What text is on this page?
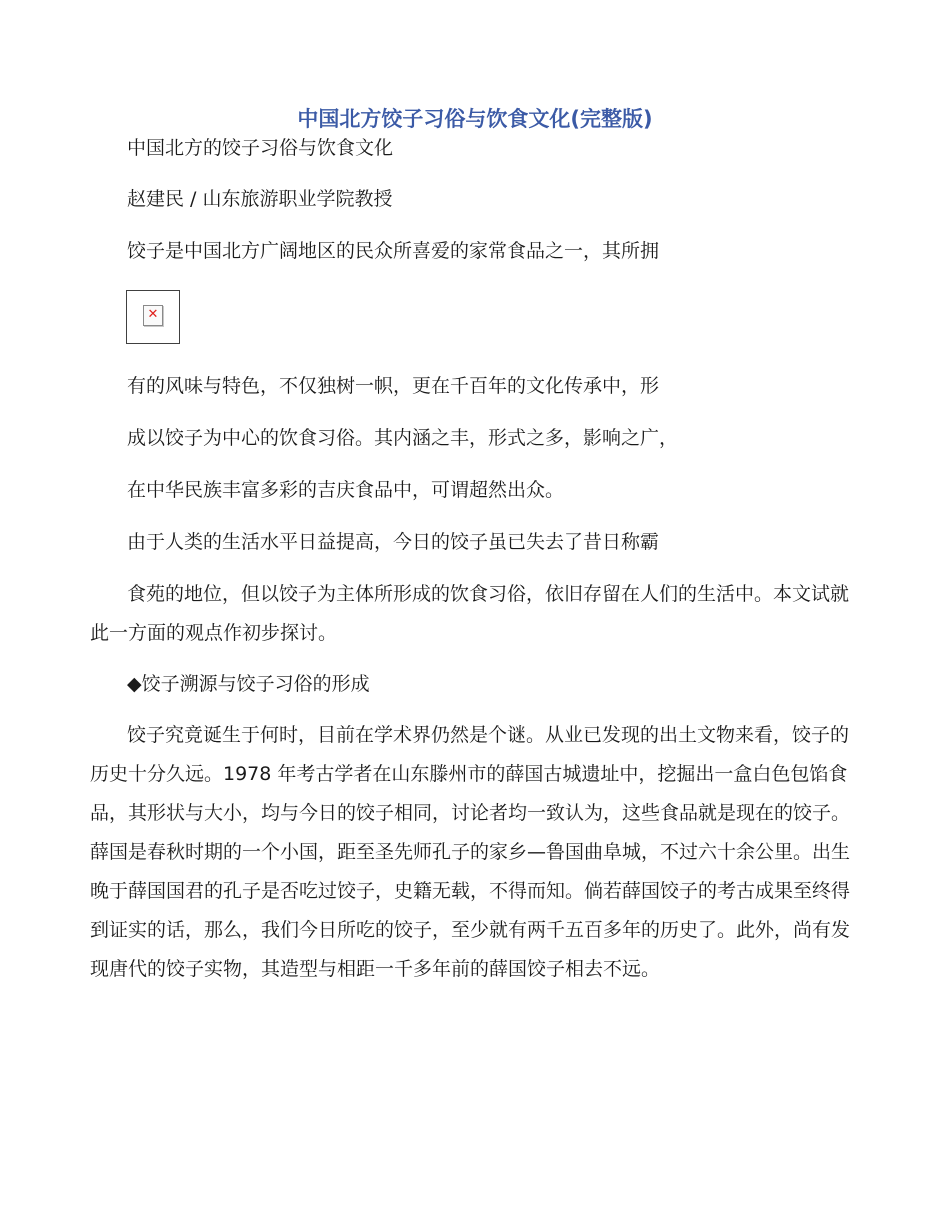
中国北方饺子习俗与饮食文化(完整版)
中国北方的饺子习俗与饮食文化
赵建民 / 山东旅游职业学院教授
饺子是中国北方广阔地区的民众所喜爱的家常食品之一，其所拥
✕
有的风味与特色，不仅独树一帜，更在千百年的文化传承中，形
成以饺子为中心的饮食习俗。其内涵之丰，形式之多，影响之广，
在中华民族丰富多彩的吉庆食品中，可谓超然出众。
由于人类的生活水平日益提高，今日的饺子虽已失去了昔日称霸

食苑的地位，但以饺子为主体所形成的饮食习俗，依旧存留在人们的生活中。本文试就此一方面的观点作初步探讨。

◆饺子溯源与饺子习俗的形成

饺子究竟诞生于何时，目前在学术界仍然是个谜。从业已发现的出土文物来看，饺子的历史十分久远。1978 年考古学者在山东滕州市的薛国古城遗址中，挖掘出一盒白色包馅食品，其形状与大小，均与今日的饺子相同，讨论者均一致认为，这些食品就是现在的饺子。薛国是春秋时期的一个小国，距至圣先师孔子的家乡—鲁国曲阜城，不过六十余公里。出生晚于薛国国君的孔子是否吃过饺子，史籍无载，不得而知。倘若薛国饺子的考古成果至终得到证实的话，那么，我们今日所吃的饺子，至少就有两千五百多年的历史了。此外，尚有发现唐代的饺子实物，其造型与相距一千多年前的薛国饺子相去不远。
